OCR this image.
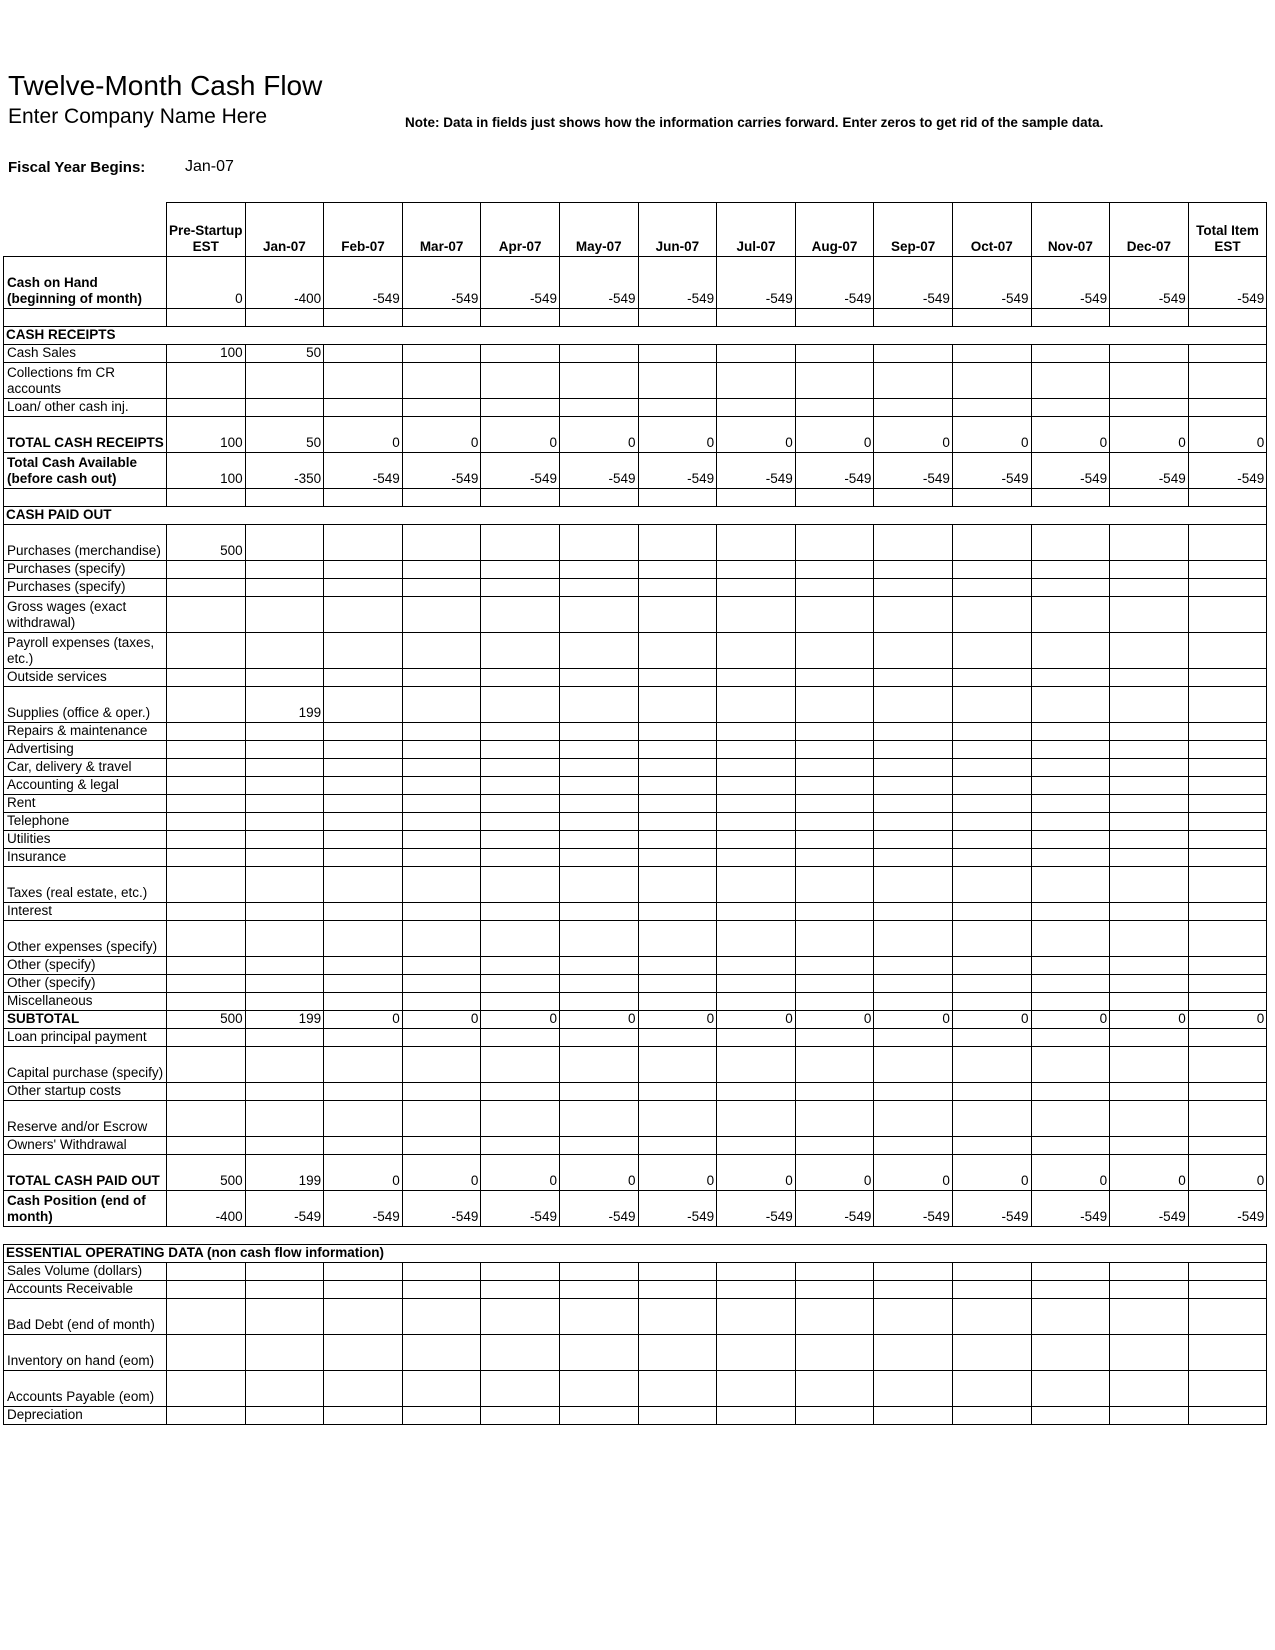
Twelve-Month Cash Flow
Enter Company Name Here	Note: Data in fields just shows how the information carries forward. Enter zeros to get rid of the sample data.
Fiscal Year Begins: Jan-07
	Pre-Startup EST	Jan-07	Feb-07	Mar-07	Apr-07	May-07	Jun-07	Jul-07	Aug-07	Sep-07	Oct-07	Nov-07	Dec-07	Total Item EST
Cash on Hand (beginning of month)	0	-400	-549	-549	-549	-549	-549	-549	-549	-549	-549	-549	-549	-549

CASH RECEIPTS														
Cash Sales	100	50												
Collections fm CR accounts														
Loan/ other cash inj.														
TOTAL CASH RECEIPTS	100	50	0	0	0	0	0	0	0	0	0	0	0	0
Total Cash Available (before cash out)	100	-350	-549	-549	-549	-549	-549	-549	-549	-549	-549	-549	-549	-549

CASH PAID OUT														
Purchases (merchandise)	500													
Purchases (specify)														
Purchases (specify)														
Gross wages (exact withdrawal)														
Payroll expenses (taxes, etc.)														
Outside services														
Supplies (office & oper.)		199												
Repairs & maintenance														
Advertising														
Car, delivery & travel														
Accounting & legal														
Rent														
Telephone														
Utilities														
Insurance														
Taxes (real estate, etc.)														
Interest														
Other expenses (specify)														
Other (specify)														
Other (specify)														
Miscellaneous														
SUBTOTAL	500	199	0	0	0	0	0	0	0	0	0	0	0	0
Loan principal payment														
Capital purchase (specify)														
Other startup costs														
Reserve and/or Escrow														
Owners' Withdrawal														
TOTAL CASH PAID OUT	500	199	0	0	0	0	0	0	0	0	0	0	0	0
Cash Position (end of month)	-400	-549	-549	-549	-549	-549	-549	-549	-549	-549	-549	-549	-549	-549

ESSENTIAL OPERATING DATA (non cash flow information)														
Sales Volume (dollars)														
Accounts Receivable														
Bad Debt (end of month)														
Inventory on hand (eom)														
Accounts Payable (eom)														
Depreciation														
